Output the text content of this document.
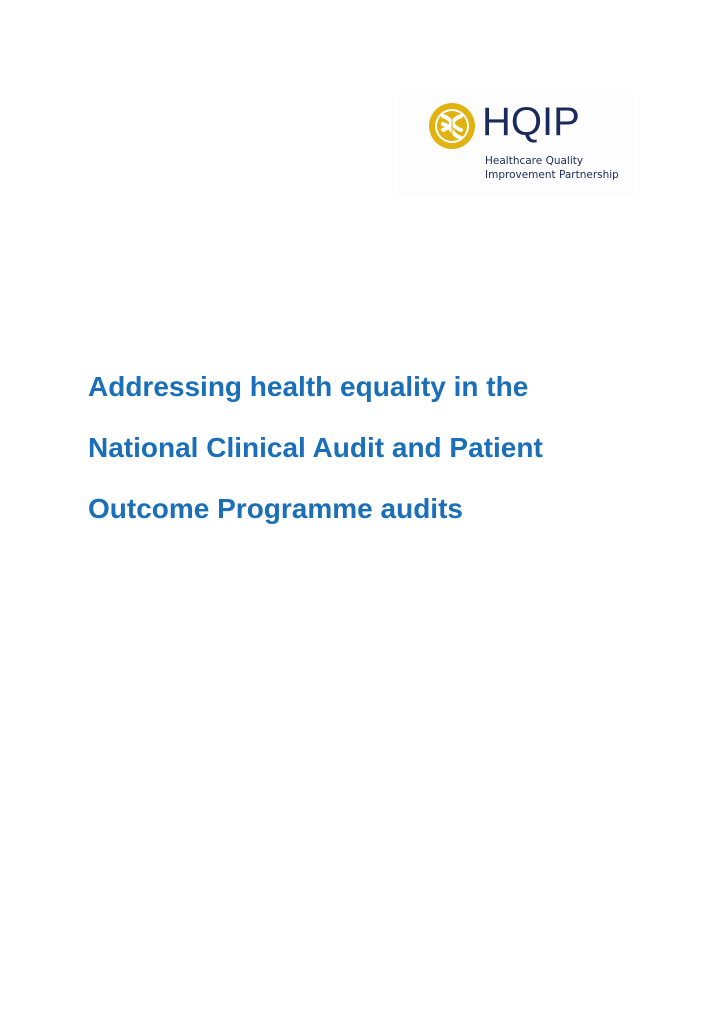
HQIP
Healthcare Quality
Improvement Partnership
Addressing health equality in the
National Clinical Audit and Patient
Outcome Programme audits
